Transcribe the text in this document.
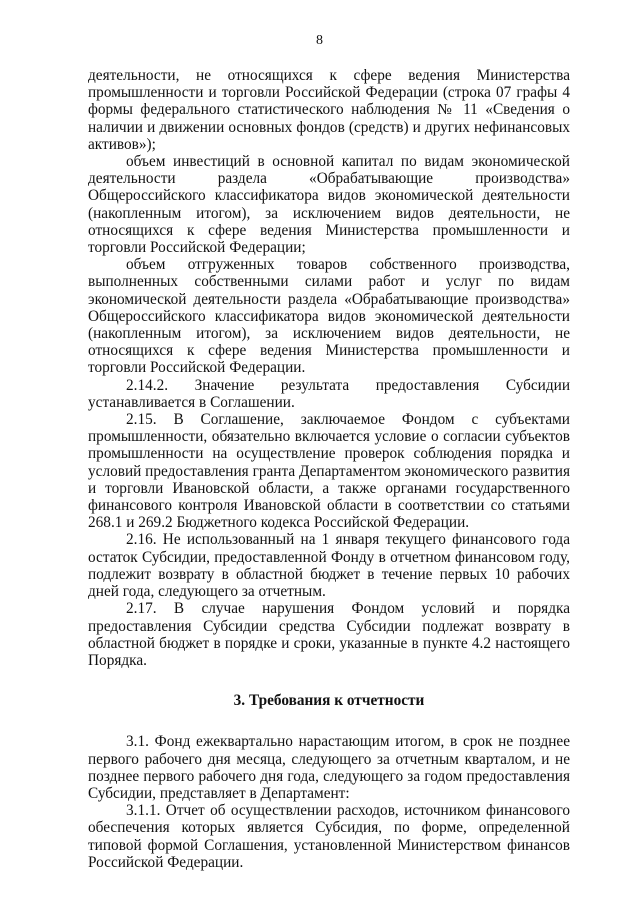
8

деятельности, не относящихся к сфере ведения Министерства промышленности и торговли Российской Федерации (строка 07 графы 4 формы федерального статистического наблюдения № 11 «Сведения о наличии и движении основных фондов (средств) и других нефинансовых активов»);

объем инвестиций в основной капитал по видам экономической деятельности раздела «Обрабатывающие производства» Общероссийского классификатора видов экономической деятельности (накопленным итогом), за исключением видов деятельности, не относящихся к сфере ведения Министерства промышленности и торговли Российской Федерации;

объем отгруженных товаров собственного производства, выполненных собственными силами работ и услуг по видам экономической деятельности раздела «Обрабатывающие производства» Общероссийского классификатора видов экономической деятельности (накопленным итогом), за исключением видов деятельности, не относящихся к сфере ведения Министерства промышленности и торговли Российской Федерации.

2.14.2. Значение результата предоставления Субсидии устанавливается в Соглашении.

2.15. В Соглашение, заключаемое Фондом с субъектами промышленности, обязательно включается условие о согласии субъектов промышленности на осуществление проверок соблюдения порядка и условий предоставления гранта Департаментом экономического развития и торговли Ивановской области, а также органами государственного финансового контроля Ивановской области в соответствии со статьями 268.1 и 269.2 Бюджетного кодекса Российской Федерации.

2.16. Не использованный на 1 января текущего финансового года остаток Субсидии, предоставленной Фонду в отчетном финансовом году, подлежит возврату в областной бюджет в течение первых 10 рабочих дней года, следующего за отчетным.

2.17. В случае нарушения Фондом условий и порядка предоставления Субсидии средства Субсидии подлежат возврату в областной бюджет в порядке и сроки, указанные в пункте 4.2 настоящего Порядка.

3. Требования к отчетности

3.1. Фонд ежеквартально нарастающим итогом, в срок не позднее первого рабочего дня месяца, следующего за отчетным кварталом, и не позднее первого рабочего дня года, следующего за годом предоставления Субсидии, представляет в Департамент:

3.1.1. Отчет об осуществлении расходов, источником финансового обеспечения которых является Субсидия, по форме, определенной типовой формой Соглашения, установленной Министерством финансов Российской Федерации.
